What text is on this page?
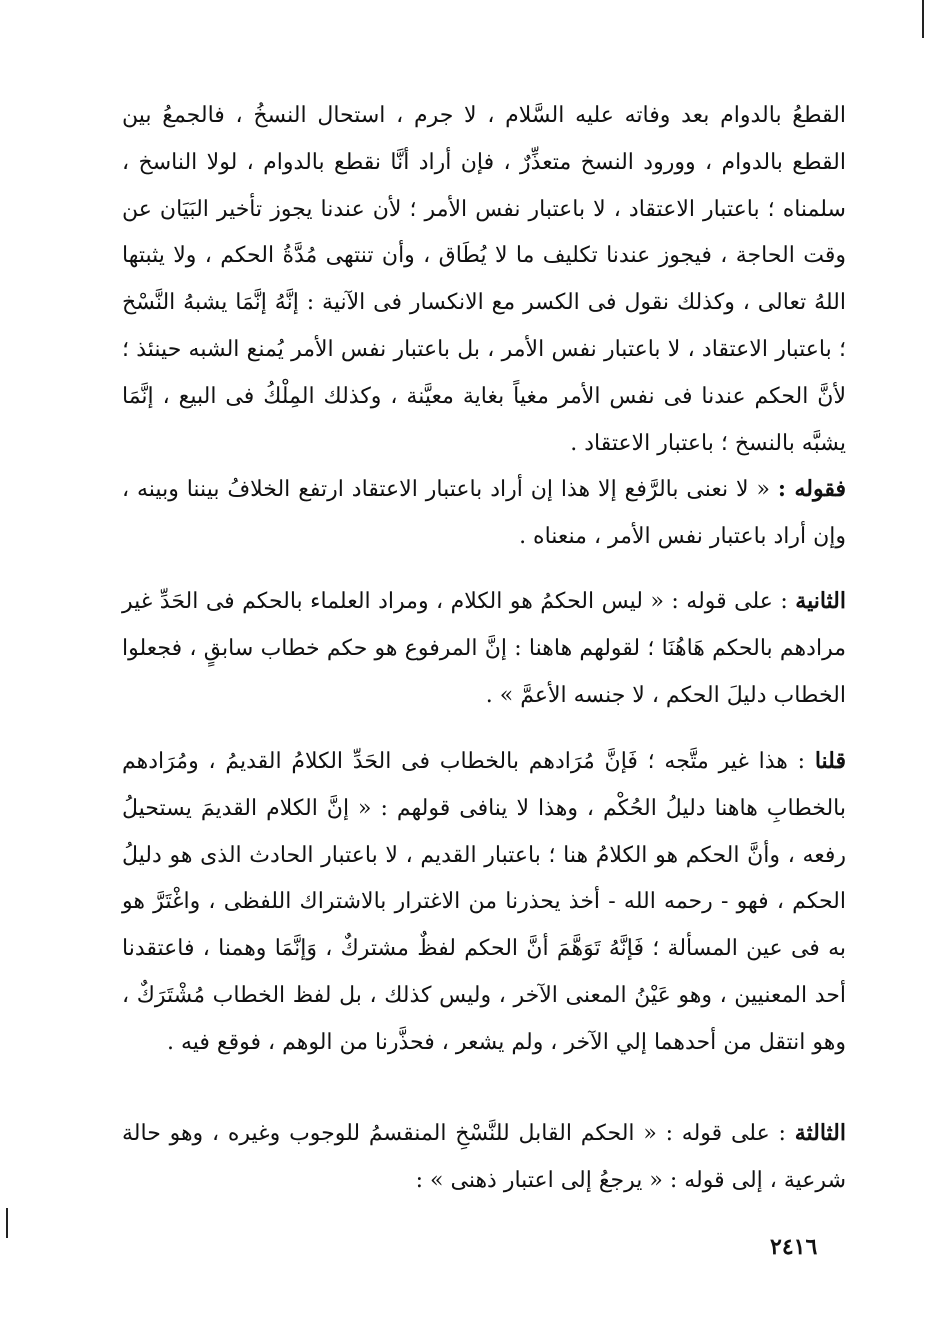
القطعُ بالدوام بعد وفاته عليه السَّلام ، لا جرم ، استحال النسخُ ، فالجمعُ بين القطع بالدوام ، وورود النسخ متعذِّرٌ ، فإن أراد أنَّا نقطع بالدوام ، لولا الناسخ ، سلمناه ؛ باعتبار الاعتقاد ، لا باعتبار نفس الأمر ؛ لأن عندنا يجوز تأخير البَيَان عن وقت الحاجة ، فيجوز عندنا تكليف ما لا يُطَاق ، وأن تنتهى مُدَّةُ الحكم ، ولا يثبتها اللهُ تعالى ، وكذلك نقول فى الكسر مع الانكسار فى الآنية : إنَّهُ إنَّمَا يشبهُ النَّسْخ ؛ باعتبار الاعتقاد ، لا باعتبار نفس الأمر ، بل باعتبار نفس الأمر يُمنع الشبه حينئذ ؛ لأنَّ الحكم عندنا فى نفس الأمر مغياً بغاية معيَّنة ، وكذلك المِلْكُ فى البيع ، إنَّمَا يشبَّه بالنسخ ؛ باعتبار الاعتقاد .

فقوله : « لا نعنى بالرَّفع إلا هذا إن أراد باعتبار الاعتقاد ارتفع الخلافُ بيننا وبينه ، وإن أراد باعتبار نفس الأمر ، منعناه .

الثانية : على قوله : « ليس الحكمُ هو الكلام ، ومراد العلماء بالحكم فى الحَدِّ غير مرادهم بالحكم هَاهُنَا ؛ لقولهم هاهنا : إنَّ المرفوع هو حكم خطاب سابقٍ ، فجعلوا الخطاب دليلَ الحكم ، لا جنسه الأعمَّ » .

قلنا : هذا غير متَّجه ؛ فَإنَّ مُرَادهم بالخطاب فى الحَدِّ الكلامُ القديمُ ، ومُرَادهم بالخطابِ هاهنا دليلُ الحُكْم ، وهذا لا ينافى قولهم : « إنَّ الكلام القديمَ يستحيلُ رفعه ، وأنَّ الحكم هو الكلامُ هنا ؛ باعتبار القديم ، لا باعتبار الحادث الذى هو دليلُ الحكم ، فهو - رحمه الله - أخذ يحذرنا من الاغترار بالاشتراك اللفظى ، واغْتَرَّ هو به فى عين المسألة ؛ فَإنَّهُ تَوَهَّمَ أنَّ الحكم لفظٌ مشتركٌ ، وَإنَّمَا وهمنا ، فاعتقدنا أحد المعنيين ، وهو عَيْنُ المعنى الآخر ، وليس كذلك ، بل لفظ الخطاب مُشْتَرَكٌ ، وهو انتقل من أحدهما إلي الآخر ، ولم يشعر ، فحذَّرنا من الوهم ، فوقع فيه .

الثالثة : على قوله : « الحكم القابل للنَّسْخِ المنقسمُ للوجوب وغيره ، وهو حالة شرعية ، إلى قوله : « يرجعُ إلى اعتبار ذهنى » :

٢٤١٦
